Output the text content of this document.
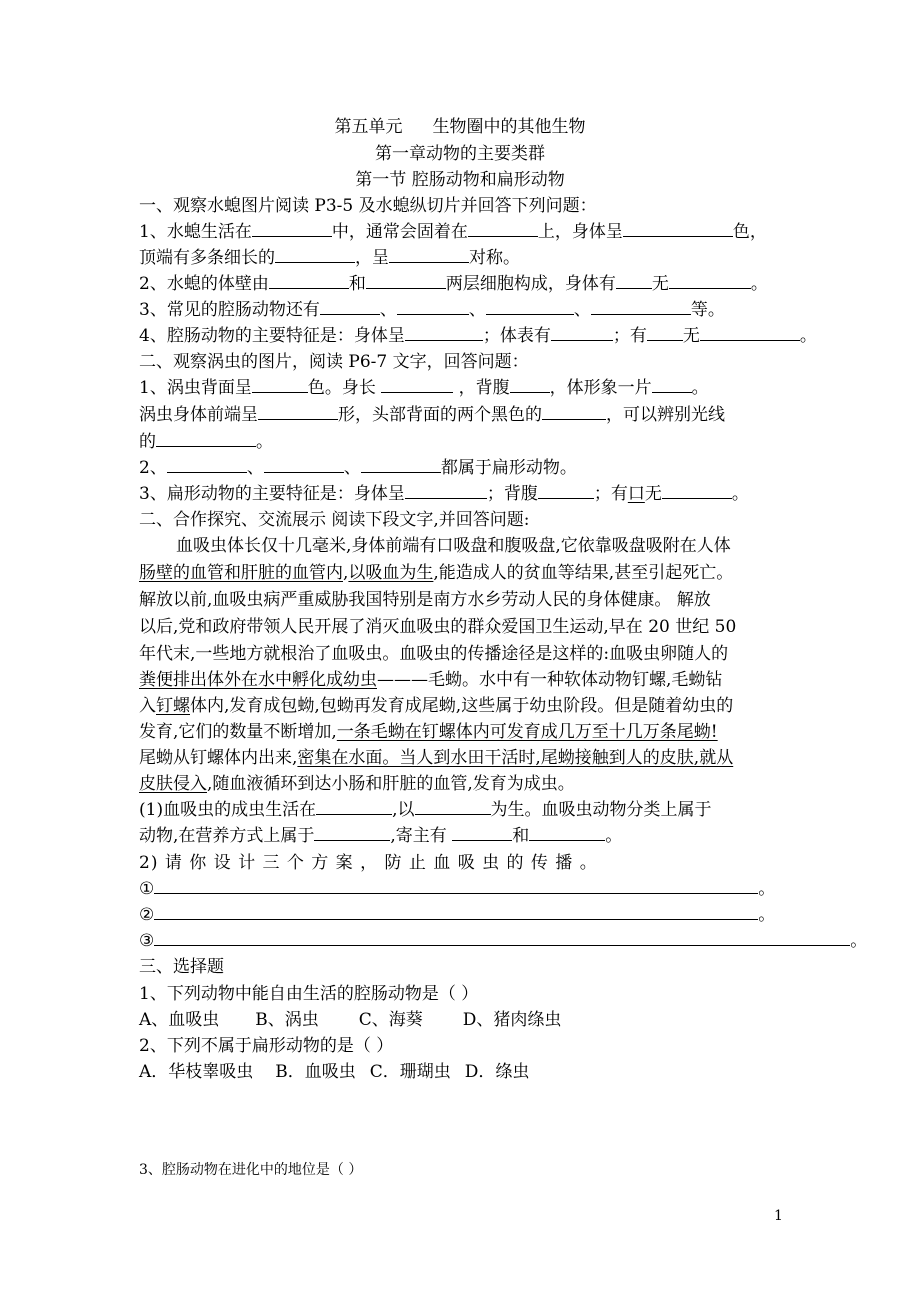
第五单元 生物圈中的其他生物
第一章动物的主要类群
第一节 腔肠动物和扁形动物
一、观察水螅图片阅读 P3-5 及水螅纵切片并回答下列问题：
1、水螅生活在	中，通常会固着在	上，身体呈	色，
顶端有多条细长的	，呈	对称。
2、水螅的体壁由	和	两层细胞构成，身体有 无	。
3、常见的腔肠动物还有	、	、	、	等。
4、腔肠动物的主要特征是：身体呈	；体表有	；有 无	。
二、观察涡虫的图片，阅读 P6-7 文字，回答问题：
1、涡虫背面呈	色。身长	，背腹 ，体形象一片 。
涡虫身体前端呈	形，头部背面的两个黑色的	，可以辨别光线
的	。
2、	、	、	都属于扁形动物。
3、扁形动物的主要特征是：身体呈	；背腹	；有口无	。
二、合作探究、交流展示 阅读下段文字,并回答问题:
血吸虫体长仅十几毫米,身体前端有口吸盘和腹吸盘,它依靠吸盘吸附在人体
肠壁的血管和肝脏的血管内,以吸血为生,能造成人的贫血等结果,甚至引起死亡。
解放以前,血吸虫病严重威胁我国特别是南方水乡劳动人民的身体健康。 解放
以后,党和政府带领人民开展了消灭血吸虫的群众爱国卫生运动,早在 20 世纪 50
年代末,一些地方就根治了血吸虫。血吸虫的传播途径是这样的:血吸虫卵随人的
粪便排出体外在水中孵化成幼虫———毛蚴。水中有一种软体动物钉螺,毛蚴钻
入钉螺体内,发育成包蚴,包蚴再发育成尾蚴,这些属于幼虫阶段。但是随着幼虫的
发育,它们的数量不断增加,一条毛蚴在钉螺体内可发育成几万至十几万条尾蚴!
尾蚴从钉螺体内出来,密集在水面。当人到水田干活时,尾蚴接触到人的皮肤,就从
皮肤侵入,随血液循环到达小肠和肝脏的血管,发育为成虫。
(1)血吸虫的成虫生活在	,以	为生。血吸虫动物分类上属于
动物,在营养方式上属于	,寄主有	和	。
2) 请 你 设 计 三 个 方 案 ， 防 止 血 吸 虫 的 传 播 。
①	。
②	。
③	。
三、选择题
1、下列动物中能自由生活的腔肠动物是（ ）
A、血吸虫 B、涡虫 C、海葵 D、猪肉绦虫
2、下列不属于扁形动物的是（ ）
A．华枝睾吸虫 B．血吸虫 C．珊瑚虫 D．绦虫
3、腔肠动物在进化中的地位是（ ）
1
